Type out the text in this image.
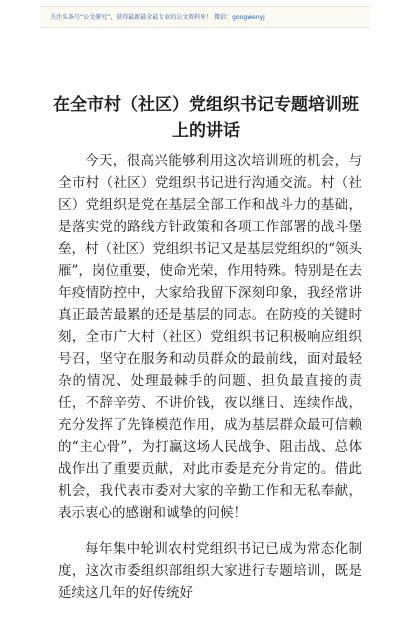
关注头条号“公文研究”，获得最新最全最专业的公文资料库！ 微信：gongwenyj
在全市村（社区）党组织书记专题培训班上的讲话

今天，很高兴能够利用这次培训班的机会，与全市村（社区）党组织书记进行沟通交流。村（社区）党组织是党在基层全部工作和战斗力的基础，是落实党的路线方针政策和各项工作部署的战斗堡垒，村（社区）党组织书记又是基层党组织的“领头雁”，岗位重要，使命光荣，作用特殊。特别是在去年疫情防控中，大家给我留下深刻印象，我经常讲真正最苦最累的还是基层的同志。在防疫的关键时刻，全市广大村（社区）党组织书记积极响应组织号召，坚守在服务和动员群众的最前线，面对最轻杂的情况、处理最棘手的问题、担负最直接的责任，不辞辛劳、不讲价钱，夜以继日、连续作战，充分发挥了先锋模范作用，成为基层群众最可信赖的“主心骨”，为打赢这场人民战争、阻击战、总体战作出了重要贡献，对此市委是充分肯定的。借此机会，我代表市委对大家的辛勤工作和无私奉献，表示衷心的感谢和诚挚的问候！

每年集中轮训农村党组织书记已成为常态化制度，这次市委组织部组织大家进行专题培训，既是延续这几年的好传统好
